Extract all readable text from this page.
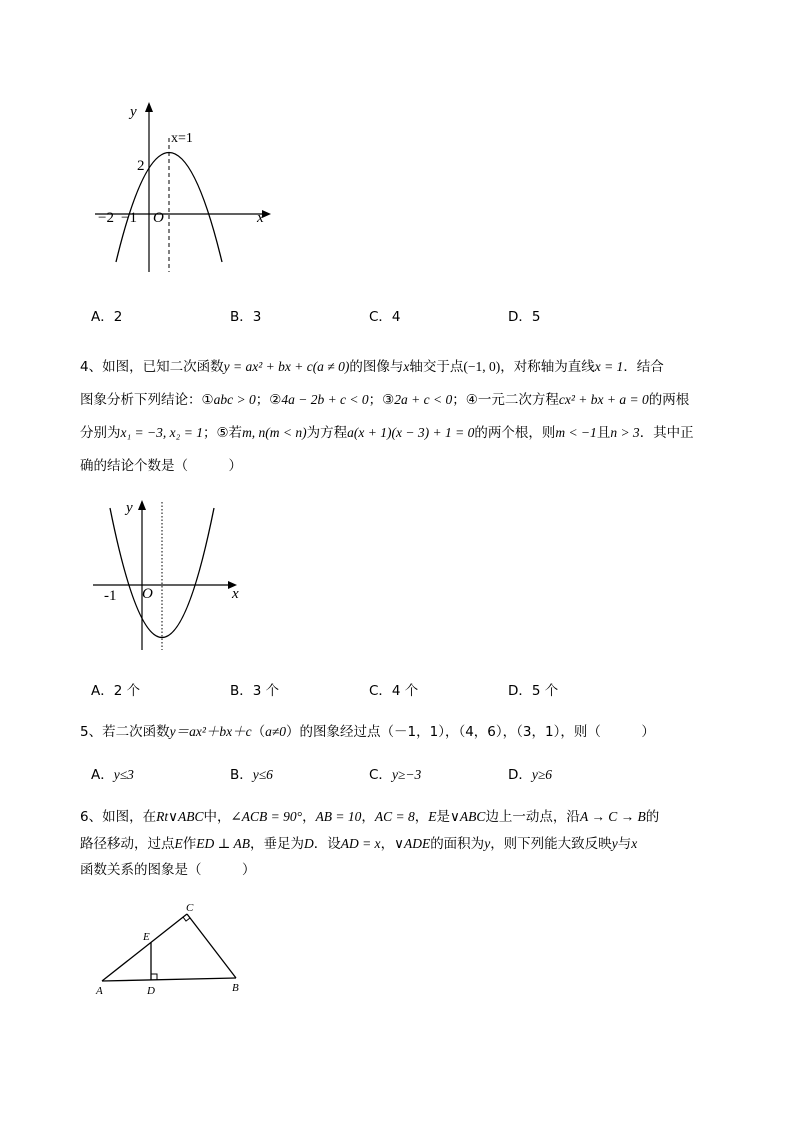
y
x
x=1
2
−2 −1 O
A．2	B．3	C．4	D．5
4、如图，已知二次函数y = ax² + bx + c(a ≠ 0)的图像与x轴交于点(−1, 0)，对称轴为直线x = 1．结合
图象分析下列结论：①abc > 0；②4a − 2b + c < 0；③2a + c < 0；④一元二次方程cx² + bx + a = 0的两根
分别为x₁ = −3, x₂ = 1；⑤若m, n(m < n)为方程a(x + 1)(x − 3) + 1 = 0的两个根，则m < −1且n > 3．其中正
确的结论个数是（　　　）
y
x
-1 O
A．2 个	B．3 个	C．4 个	D．5 个
5、若二次函数y＝ax²＋bx＋c（a≠0）的图象经过点（－1，1），（4，6），（3，1），则（　　　）
A．y≤3	B．y≤6	C．y≥−3	D．y≥6
6、如图，在Rt∨ABC中，∠ACB = 90°，AB = 10，AC = 8，E是∨ABC边上一动点，沿A → C → B的
路径移动，过点E作ED ⊥ AB，垂足为D．设AD = x，∨ADE的面积为y，则下列能大致反映y与x
函数关系的图象是（　　　）
C
E
A	D	B
